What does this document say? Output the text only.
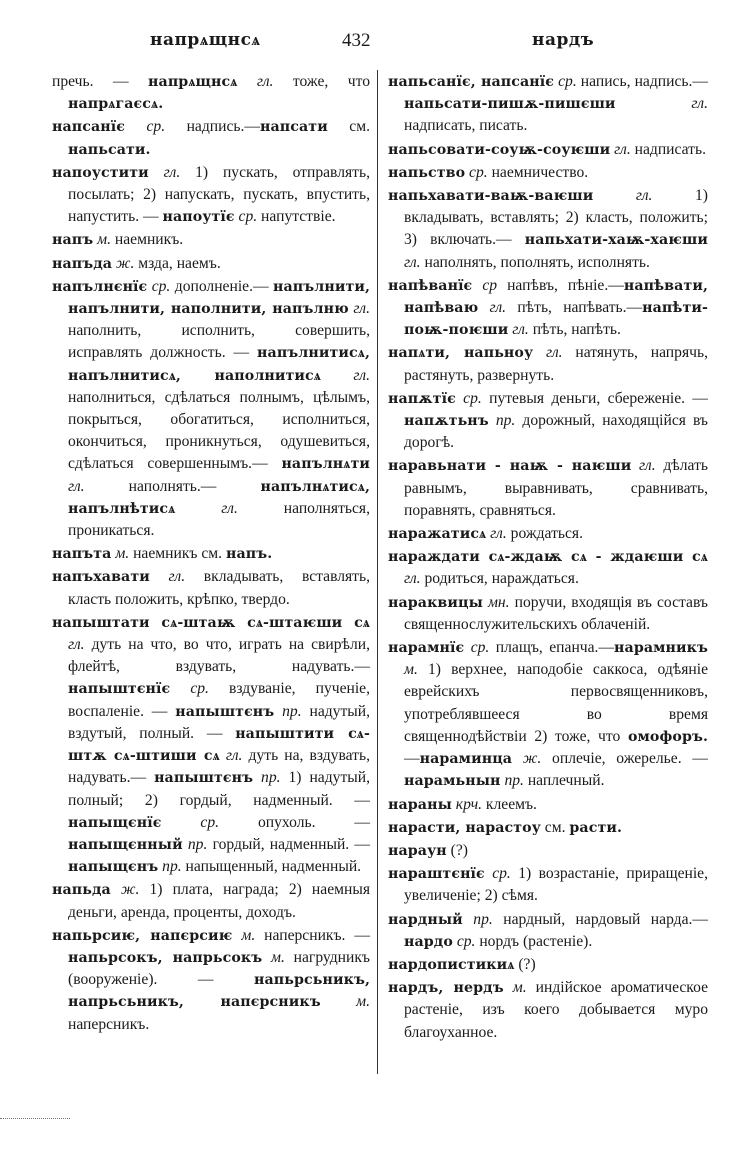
напрѧщнсѧ	432	нардъ
пречь. — напрѧщнсѧ гл. тоже, что напрѧгаєсѧ.
напсанїє ср. надпись.—напсати см. напьсати.
напоустити гл. 1) пускать, отправлять, посылать; 2) напускать, пускать, впустить, напустить. — напоутїє ср. напутствіе.
напъ м. наемникъ.
напъда ж. мзда, наемъ.
напълнєнїє ср. дополненіе.— напълнити, напълнити, наполнити, напълню гл. наполнить, исполнить, совершить, исправлять должность. — напълнитисѧ, напълнитисѧ, наполнитисѧ гл. наполниться, сдѣлаться полнымъ, цѣлымъ, покрыться, обогатиться, исполниться, окончиться, проникнуться, одушевиться, сдѣлаться совершеннымъ.— напълнѧти гл. наполнять.— напълнѧтисѧ, напълнѣтисѧ гл. наполняться, проникаться.
напъта м. наемникъ см. напъ.
напъхавати гл. вкладывать, вставлять, класть положить, крѣпко, твердо.
напыштати сѧ-штаѭ сѧ-штаѥши сѧ гл. дуть на что, во что, играть на свирѣли, флейтѣ, вздувать, надувать.— напыштєнїє ср. вздуваніе, пученіе, воспаленіе. — напыштєнъ пр. надутый, вздутый, полный. — напыштити сѧ-штѫ сѧ-штиши сѧ гл. дуть на, вздувать, надувать.— напыштєнъ пр. 1) надутый, полный; 2) гордый, надменный. — напыщєнїє ср. опухоль. — напыщєнный пр. гордый, надменный. — напыщєнъ пр. напыщенный, надменный.
напьда ж. 1) плата, награда; 2) наемныя деньги, аренда, проценты, доходъ.
напьрсиѥ, напєрсиѥ м. наперсникъ. —напьрсокъ, напрьсокъ м. нагрудникъ (вооруженіе). — напьрсьникъ, напрьсьникъ, напєрсникъ м. наперсникъ.
напьсанїє, напсанїє ср. напись, надпись.—напьсати-пишѫ-пишєши гл. надписать, писать.
напьсовати-соуѭ-соуѥши гл. надписать.
напьство ср. наемничество.
напьхавати-ваѭ-ваѥши гл. 1) вкладывать, вставлять; 2) класть, положить; 3) включать.— напьхати-хаѭ-хаѥши гл. наполнять, пополнять, исполнять.
напѣванїє ср напѣвъ, пѣніе.—напѣвати, напѣваю гл. пѣть, напѣвать.—напѣти-поѭ-поѥши гл. пѣть, напѣть.
напѧти, напьноу гл. натянуть, напрячь, растянуть, развернуть.
напѫтїє ср. путевыя деньги, сбереженіе. — напѫтьнъ пр. дорожный, находящійся въ дорогѣ.
наравьнати - наѭ - наѥши гл. дѣлать равнымъ, выравнивать, сравнивать, поравнять, сравняться.
наражатисѧ гл. рождаться.
нараждати сѧ-ждаѭ сѧ - ждаѥши сѧ гл. родиться, нараждаться.
нараквицы мн. поручи, входящія въ составъ священнослужительскихъ облаченій.
нарамнїє ср. плащъ, епанча.—нарамникъ м. 1) верхнее, наподобіе саккоса, одѣяніе еврейскихъ первосвященниковъ, употреблявшееся во время священнодѣйствіи 2) тоже, что омофоръ.—нараминца ж. оплечіе, ожерелье. — нарамьнын пр. наплечный.
нараны крч. клеемъ.
нарасти, нарастоу см. расти.
нараун (?)
нараштєнїє ср. 1) возрастаніе, приращеніе, увеличеніе; 2) сѣмя.
нардный пр. нардный, нардовый нарда.—нардо ср. нордъ (растеніе).
нардопистикиѧ (?)
нардъ, нердъ м. индійское ароматическое растеніе, изъ коего добывается муро благоуханное.
